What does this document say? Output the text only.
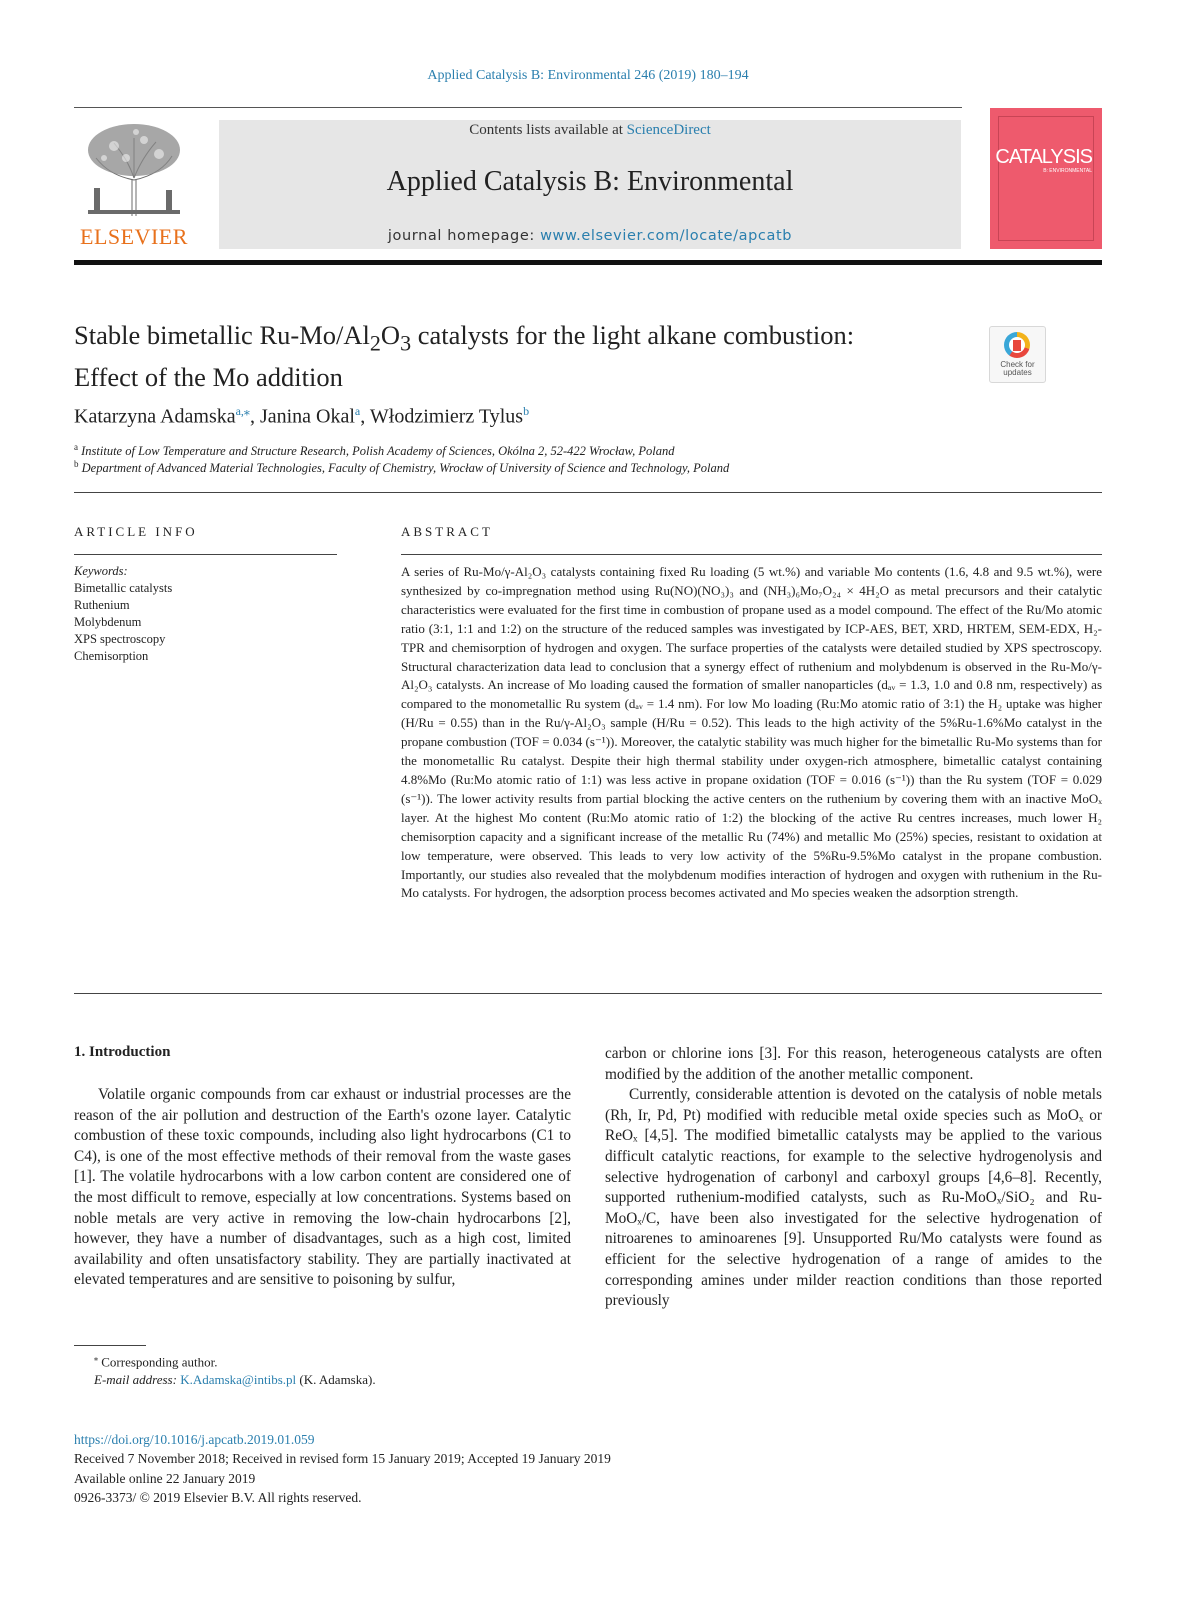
Applied Catalysis B: Environmental 246 (2019) 180–194
ELSEVIER
Contents lists available at ScienceDirect
Applied Catalysis B: Environmental
journal homepage: www.elsevier.com/locate/apcatb
CATALYSIS
B: ENVIRONMENTAL
Stable bimetallic $Ru-Mo/Al_2O_3$ catalysts for the light alkane combustion:
Effect of the Mo addition	Check for updates
Katarzyna Adamska$^{a,⁎}$, Janina Okal$^a$, Włodzimierz Tylus$^b$
$^a$ Institute of Low Temperature and Structure Research, Polish Academy of Sciences, Okólna 2, 52-422 Wrocław, Poland
$^b$ Department of Advanced Material Technologies, Faculty of Chemistry, Wrocław of University of Science and Technology, Poland
ARTICLE INFO	ABSTRACT
Keywords:
Bimetallic catalysts
Ruthenium
Molybdenum
XPS spectroscopy
Chemisorption
A series of Ru-Mo/γ-Al₂O₃ catalysts containing fixed Ru loading (5 wt.%) and variable Mo contents (1.6, 4.8 and 9.5 wt.%), were synthesized by co-impregnation method using Ru(NO)(NO₃)₃ and (NH₃)₆Mo₇O₂₄ × 4H₂O as metal precursors and their catalytic characteristics were evaluated for the first time in combustion of propane used as a model compound. The effect of the Ru/Mo atomic ratio (3:1, 1:1 and 1:2) on the structure of the reduced samples was investigated by ICP-AES, BET, XRD, HRTEM, SEM-EDX, H₂-TPR and chemisorption of hydrogen and oxygen. The surface properties of the catalysts were detailed studied by XPS spectroscopy. Structural characterization data lead to conclusion that a synergy effect of ruthenium and molybdenum is observed in the Ru-Mo/γ-Al₂O₃ catalysts. An increase of Mo loading caused the formation of smaller nanoparticles (dₐᵥ = 1.3, 1.0 and 0.8 nm, respectively) as compared to the monometallic Ru system (dₐᵥ = 1.4 nm). For low Mo loading (Ru:Mo atomic ratio of 3:1) the H₂ uptake was higher (H/Ru = 0.55) than in the Ru/γ-Al₂O₃ sample (H/Ru = 0.52). This leads to the high activity of the 5%Ru-1.6%Mo catalyst in the propane combustion (TOF = 0.034 (s⁻¹)). Moreover, the catalytic stability was much higher for the bimetallic Ru-Mo systems than for the monometallic Ru catalyst. Despite their high thermal stability under oxygen-rich atmosphere, bimetallic catalyst containing 4.8%Mo (Ru:Mo atomic ratio of 1:1) was less active in propane oxidation (TOF = 0.016 (s⁻¹)) than the Ru system (TOF = 0.029 (s⁻¹)). The lower activity results from partial blocking the active centers on the ruthenium by covering them with an inactive MoOₓ layer. At the highest Mo content (Ru:Mo atomic ratio of 1:2) the blocking of the active Ru centres increases, much lower H₂ chemisorption capacity and a significant increase of the metallic Ru (74%) and metallic Mo (25%) species, resistant to oxidation at low temperature, were observed. This leads to very low activity of the 5%Ru-9.5%Mo catalyst in the propane combustion. Importantly, our studies also revealed that the molybdenum modifies interaction of hydrogen and oxygen with ruthenium in the Ru-Mo catalysts. For hydrogen, the adsorption process becomes activated and Mo species weaken the adsorption strength.
1. Introduction
Volatile organic compounds from car exhaust or industrial processes are the reason of the air pollution and destruction of the Earth's ozone layer. Catalytic combustion of these toxic compounds, including also light hydrocarbons (C1 to C4), is one of the most effective methods of their removal from the waste gases [1]. The volatile hydrocarbons with a low carbon content are considered one of the most difficult to remove, especially at low concentrations. Systems based on noble metals are very active in removing the low-chain hydrocarbons [2], however, they have a number of disadvantages, such as a high cost, limited availability and often unsatisfactory stability. They are partially inactivated at elevated temperatures and are sensitive to poisoning by sulfur,

carbon or chlorine ions [3]. For this reason, heterogeneous catalysts are often modified by the addition of the another metallic component.

Currently, considerable attention is devoted on the catalysis of noble metals (Rh, Ir, Pd, Pt) modified with reducible metal oxide species such as MoOₓ or ReOₓ [4,5]. The modified bimetallic catalysts may be applied to the various difficult catalytic reactions, for example to the selective hydrogenolysis and selective hydrogenation of carbonyl and carboxyl groups [4,6–8]. Recently, supported ruthenium-modified catalysts, such as Ru-MoOₓ/SiO₂ and Ru-MoOₓ/C, have been also investigated for the selective hydrogenation of nitroarenes to aminoarenes [9]. Unsupported Ru/Mo catalysts were found as efficient for the selective hydrogenation of a range of amides to the corresponding amines under milder reaction conditions than those reported previously

⁎ Corresponding author.
E-mail address: K.Adamska@intibs.pl (K. Adamska).
https://doi.org/10.1016/j.apcatb.2019.01.059
Received 7 November 2018; Received in revised form 15 January 2019; Accepted 19 January 2019
Available online 22 January 2019
0926-3373/ © 2019 Elsevier B.V. All rights reserved.
